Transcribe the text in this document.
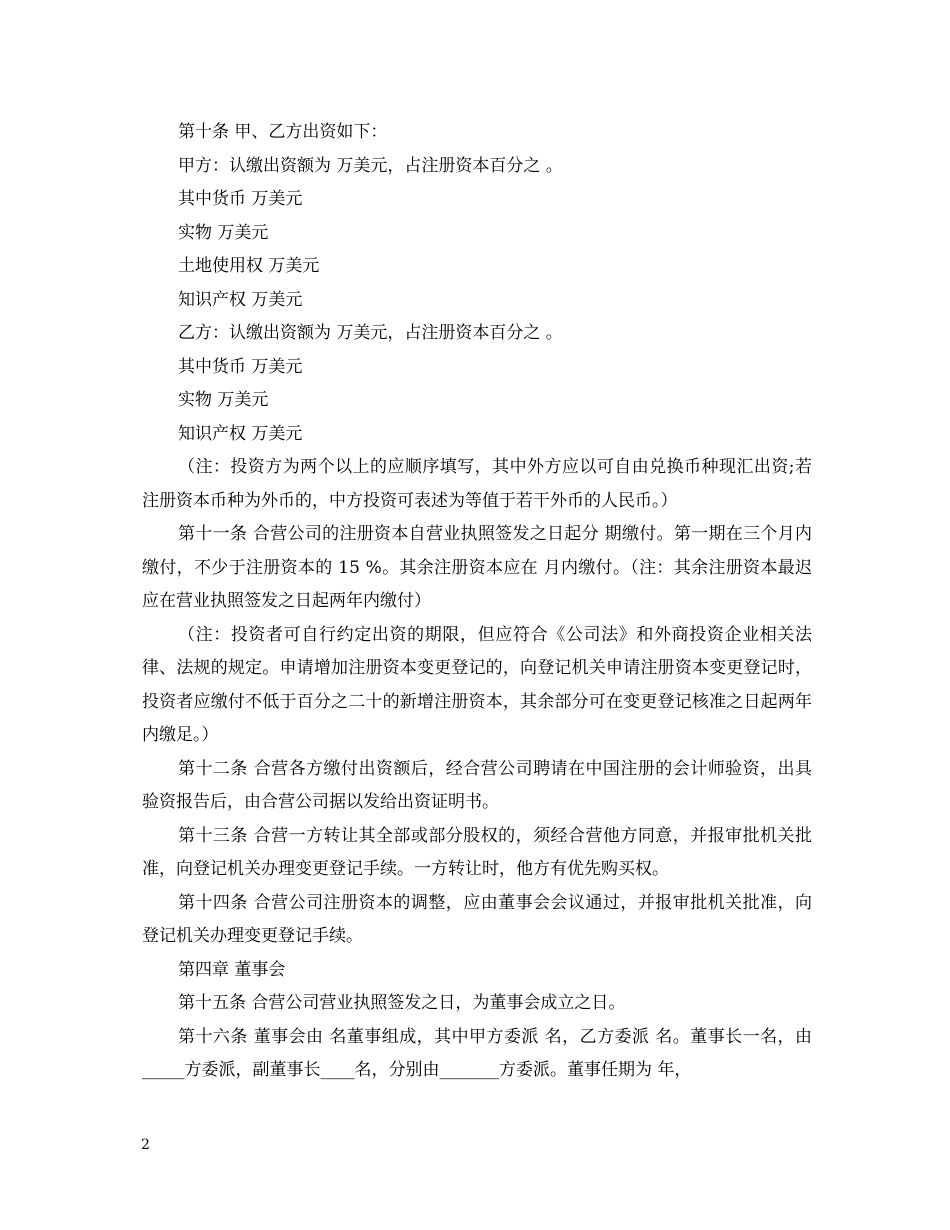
第十条 甲、乙方出资如下：

甲方：认缴出资额为 万美元，占注册资本百分之 。

其中货币 万美元

实物 万美元

土地使用权 万美元

知识产权 万美元

乙方：认缴出资额为 万美元，占注册资本百分之 。

其中货币 万美元

实物 万美元

知识产权 万美元

（注：投资方为两个以上的应顺序填写，其中外方应以可自由兑换币种现汇出资;若注册资本币种为外币的，中方投资可表述为等值于若干外币的人民币。）

第十一条 合营公司的注册资本自营业执照签发之日起分 期缴付。第一期在三个月内缴付，不少于注册资本的 15 %。其余注册资本应在 月内缴付。（注：其余注册资本最迟应在营业执照签发之日起两年内缴付）

（注：投资者可自行约定出资的期限，但应符合《公司法》和外商投资企业相关法律、法规的规定。申请增加注册资本变更登记的，向登记机关申请注册资本变更登记时，投资者应缴付不低于百分之二十的新增注册资本，其余部分可在变更登记核准之日起两年内缴足。）

第十二条 合营各方缴付出资额后，经合营公司聘请在中国注册的会计师验资，出具验资报告后，由合营公司据以发给出资证明书。

第十三条 合营一方转让其全部或部分股权的，须经合营他方同意，并报审批机关批准，向登记机关办理变更登记手续。一方转让时，他方有优先购买权。

第十四条 合营公司注册资本的调整，应由董事会会议通过，并报审批机关批准，向登记机关办理变更登记手续。

第四章 董事会

第十五条 合营公司营业执照签发之日，为董事会成立之日。

第十六条 董事会由 名董事组成，其中甲方委派 名，乙方委派 名。董事长一名，由_____方委派，副董事长____名，分别由_______方委派。董事任期为 年，

2
